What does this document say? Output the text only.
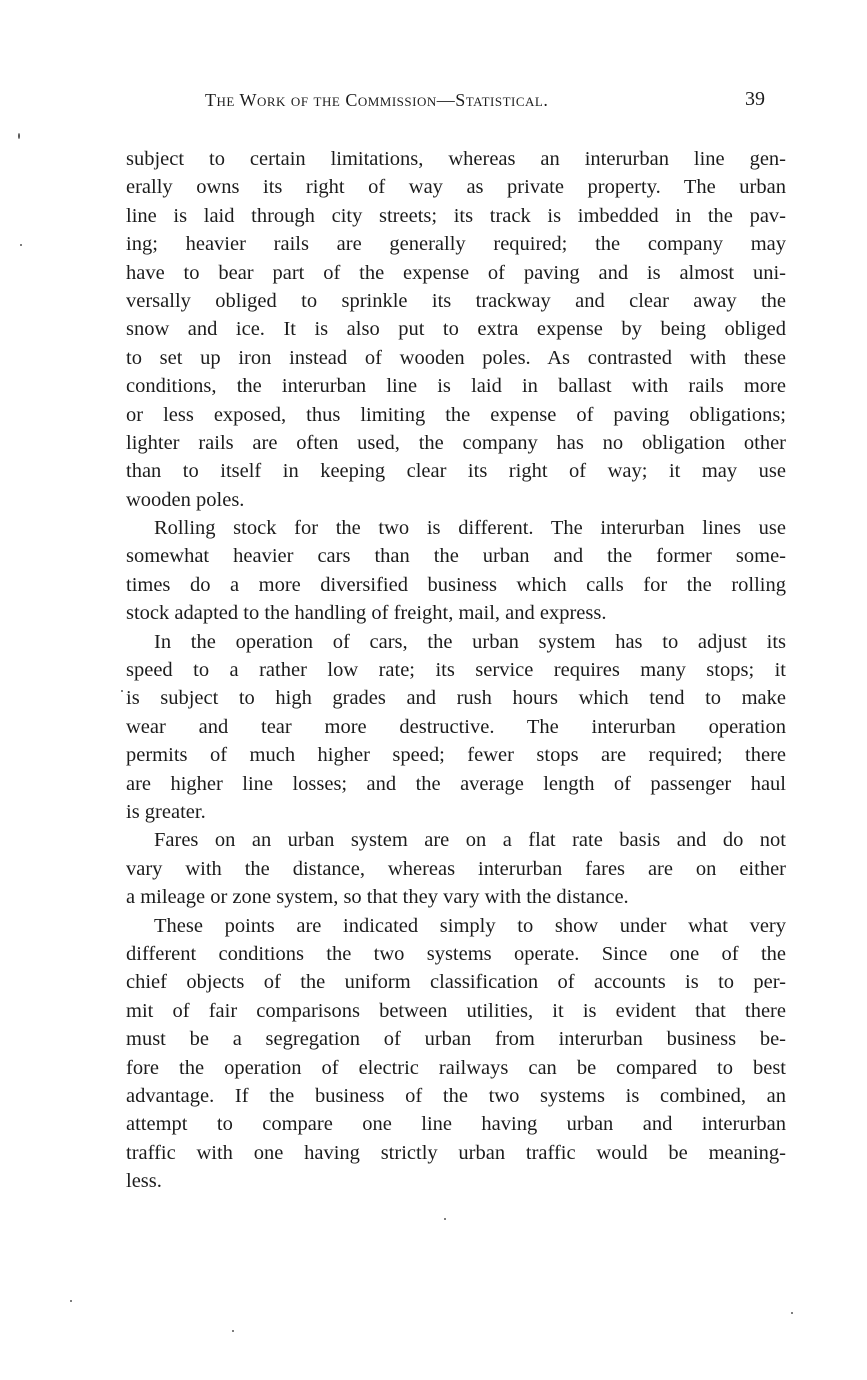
The Work of the Commission—Statistical.	39
subject to certain limitations, whereas an interurban line gen-
erally owns its right of way as private property. The urban
line is laid through city streets; its track is imbedded in the pav-
ing; heavier rails are generally required; the company may
have to bear part of the expense of paving and is almost uni-
versally obliged to sprinkle its trackway and clear away the
snow and ice. It is also put to extra expense by being obliged
to set up iron instead of wooden poles. As contrasted with these
conditions, the interurban line is laid in ballast with rails more
or less exposed, thus limiting the expense of paving obligations;
lighter rails are often used, the company has no obligation other
than to itself in keeping clear its right of way; it may use
wooden poles.
Rolling stock for the two is different. The interurban lines use
somewhat heavier cars than the urban and the former some-
times do a more diversified business which calls for the rolling
stock adapted to the handling of freight, mail, and express.
In the operation of cars, the urban system has to adjust its
speed to a rather low rate; its service requires many stops; it
is subject to high grades and rush hours which tend to make
wear and tear more destructive. The interurban operation
permits of much higher speed; fewer stops are required; there
are higher line losses; and the average length of passenger haul
is greater.
Fares on an urban system are on a flat rate basis and do not
vary with the distance, whereas interurban fares are on either
a mileage or zone system, so that they vary with the distance.
These points are indicated simply to show under what very
different conditions the two systems operate. Since one of the
chief objects of the uniform classification of accounts is to per-
mit of fair comparisons between utilities, it is evident that there
must be a segregation of urban from interurban business be-
fore the operation of electric railways can be compared to best
advantage. If the business of the two systems is combined, an
attempt to compare one line having urban and interurban
traffic with one having strictly urban traffic would be meaning-
less.
